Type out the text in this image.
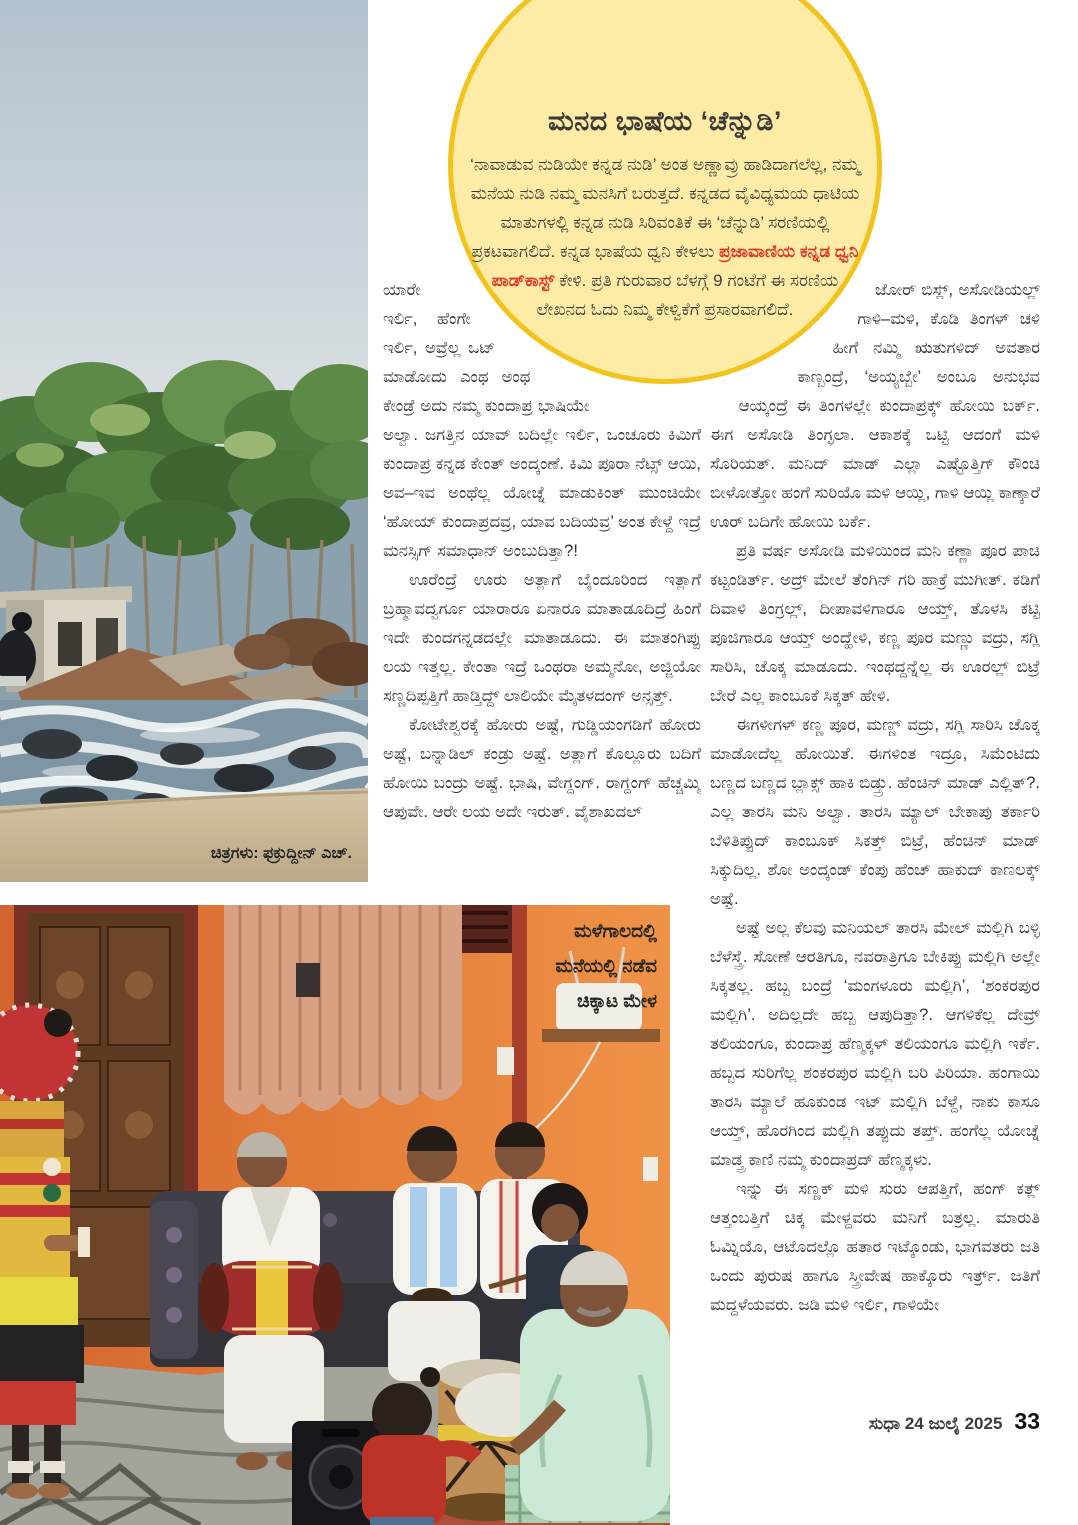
ಚಿತ್ರಗಳು: ಫಕ್ರುದ್ದೀನ್ ಎಚ್.
ಮನದ ಭಾಷೆಯ ‘ಚೆನ್ನುಡಿ’

‘ನಾವಾಡುವ ನುಡಿಯೇ ಕನ್ನಡ ನುಡಿ’ ಅಂತ ಅಣ್ಣಾವ್ರು ಹಾಡಿದಾಗಲೆಲ್ಲ, ನಮ್ಮ ಮನೆಯ ನುಡಿ ನಮ್ಮ ಮನಸಿಗೆ ಬರುತ್ತದೆ. ಕನ್ನಡದ ವೈವಿಧ್ಯಮಯ ಧಾಟಿಯ ಮಾತುಗಳಲ್ಲಿ ಕನ್ನಡ ನುಡಿ ಸಿರಿವಂತಿಕೆ ಈ ‘ಚೆನ್ನುಡಿ’ ಸರಣಿಯಲ್ಲಿ ಪ್ರಕಟವಾಗಲಿದೆ. ಕನ್ನಡ ಭಾಷೆಯ ಧ್ವನಿ ಕೇಳಲು ಪ್ರಜಾವಾಣಿಯ ಕನ್ನಡ ಧ್ವನಿ ಪಾಡ್‌ಕಾಸ್ಟ್ ಕೇಳಿ. ಪ್ರತಿ ಗುರುವಾರ ಬೆಳಗ್ಗೆ 9 ಗಂಟೆಗೆ ಈ ಸರಣಿಯ ಲೇಖನದ ಓದು ನಿಮ್ಮ ಕೇಳ್ವಿಕೆಗೆ ಪ್ರಸಾರವಾಗಲಿದೆ.

ಯಾರೇ ಇರ್ಲಿ, ಹೆಂಗೇ ಇರ್ಲಿ, ಅವ್ರೆಲ್ಲ ಒಟ್ ಮಾಡೋದು ಎಂಥ ಅಂಥ ಕೇಂಡ್ರೆ ಅದು ನಮ್ಮ ಕುಂದಾಪ್ರ ಭಾಷಿಯೇ ಅಲ್ವಾ. ಜಗತ್ತಿನ ಯಾವ್ ಬದಿಲ್ಲೇ ಇರ್ಲಿ, ಒಂಚೂರು ಕಿಮಿಗೆ ಕುಂದಾಪ್ರ ಕನ್ನಡ ಕೇಂತ್ ಅಂದ್ಕಂಣೆ. ಕಿಮಿ ಪೂರಾ ನೆಟ್ಸ್ ಆಯಿ, ಅವ–ಇವ ಅಂಥೆಲ್ಲ ಯೋಚ್ನೆ ಮಾಡುಕಿಂತ್ ಮುಂಚಿಯೇ ‘ಹೋಯ್ ಕುಂದಾಪ್ರದವ್ರ, ಯಾವ ಬದಿಯವ್ರ’ ಅಂತ ಕೇಳ್ದೆ ಇದ್ರೆ ಮನಸ್ಸಿಗ್ ಸಮಾಧಾನ್ ಅಂಬುದಿತ್ತಾ?!

ಊರೆಂದ್ರೆ ಊರು ಅತ್ಲಾಗೆ ಬೈಂದೂರಿಂದ ಇತ್ಲಾಗೆ ಬ್ರಹ್ಮಾವದ್ವರ್ಗೂ ಯಾರಾರೂ ಏನಾರೂ ಮಾತಾಡೂದಿದ್ರೆ ಹಿಂಗೆ ಇದೇ ಕುಂದಗನ್ನಡದಲ್ಲೇ ಮಾತಾಡೂದು. ಈ ಮಾತಂಗಿಪ್ಪು ಲಯ ಇತ್ತಲ್ಲ. ಕೇಂತಾ ಇದ್ರೆ ಒಂಥರಾ ಅಮ್ಮನೋ, ಅಜ್ಜಿಯೋ ಸಣ್ಣದಿಪ್ಪತ್ತಿಗೆ ಹಾಡ್ತಿದ್ದ್ ಲಾಲಿಯೇ ಮೈತಳದಂಗ್ ಅನ್ಸತ್ತ್.

ಕೋಟೇಶ್ವರಕ್ಕೆ ಹೋರು ಅಷ್ಟೆ, ಗುಡ್ಡಿಯಂಗಡಿಗೆ ಹೋರು ಅಷ್ಟೆ, ಬನ್ನಾಡಿಲ್ ಕಂಡ್ರು ಅಷ್ಟೆ. ಅತ್ಲಾಗೆ ಕೊಲ್ಲೂರು ಬದಿಗೆ ಹೋಯಿ ಬಂದ್ರು ಅಷ್ಟೆ. ಭಾಷಿ, ವೇಗ್ದಂಗ್. ರಾಗ್ದಂಗ್ ಹೆಚ್ಚಮ್ಮಿ ಆಪುವೇ. ಆರೇ ಲಯ ಅದೇ ಇರುತ್. ವೈಶಾಖದಲ್

ಜೋರ್ ಬಿಸ್ಲ್, ಅಸೋಡಿಯಲ್ಲ್ ಗಾಳಿ–ಮಳಿ, ಕೊಡಿ ತಿಂಗಳ್ ಚಳಿ ಹೀಗೆ ನಮ್ಮಿ ಋತುಗಳಿದ್ ಅವತಾರ ಕಾಣ್ಬಂದ್ರೆ, ‘ಅಯ್ಯಬ್ಬೇ’ ಅಂಬೂ ಅನುಭವ ಆಯ್ಕಂದ್ರೆ ಈ ತಿಂಗಳಲ್ಲೇ ಕುಂದಾಪ್ರಕ್ಕ್ ಹೋಯಿ ಬರ್ಕ್. ಈಗ ಅಸೋಡಿ ತಿಂಗ್ಳಲಾ. ಆಕಾಶಕ್ಕೆ ಒಟ್ಟಿ ಆದಂಗೆ ಮಳಿ ಸೊರಿಯತ್. ಮನಿದ್ ಮಾಡ್ ಎಲ್ಲಾ ಎಷ್ಟೊತ್ತಿಗ್ ಕೌಂಚಿ ಬೀಳೋತ್ತೋ ಹಂಗೆ ಸುರಿಯೊ ಮಳಿ ಆಯ್ಲಿ, ಗಾಳಿ ಆಯ್ಲಿ ಕಾಣ್ಕಾರೆ ಊರ್ ಬದಿಗೇ ಹೋಯಿ ಬರ್ಕೆ.

ಪ್ರತಿ ವರ್ಷ ಅಸೋಡಿ ಮಳಿಯಿಂದ ಮನಿ ಕಣ್ಣಾ ಪೂರ ಪಾಚಿ ಕಟ್ಟಂಡಿರ್ತ್. ಅದ್ರ್ ಮೇಲೆ ತೆಂಗಿನ್ ಗರಿ ಹಾಕ್ರೆ ಮುಗೀತ್. ಕಡಿಗೆ ದಿವಾಳಿ ತಿಂಗ್ರಲ್ಲ್, ದೀಪಾವಳಿಗಾರೂ ಆಯ್ತ್, ತೊಳಸಿ ಕಟ್ಟಿ ಪೂಜಿಗಾರೂ ಆಯ್ತ್ ಅಂದ್ಹೇಳಿ, ಕಣ್ಣ ಪೂರ ಮಣ್ಣು ವದ್ರು, ಸಗ್ಲಿ ಸಾರಿಸಿ, ಚೊಕ್ಕ ಮಾಡೂದು. ಇಂಥದ್ದನ್ನೆಲ್ಲ ಈ ಊರಲ್ಲ್ ಬಿಟ್ರೆ ಬೇರೆ ಎಲ್ಲ ಕಾಂಬೂಕೆ ಸಿಕ್ಕತ್ ಹೇಳಿ.

ಈಗಳೀಗಳ್ ಕಣ್ಣ ಪೂರ, ಮಣ್ಣ್ ವದ್ರು, ಸಗ್ಲಿ ಸಾರಿಸಿ ಚೊಕ್ಕ ಮಾಡೋದೆಲ್ಲ ಹೋಯಿತೆ. ಈಗಳಿಂತ ಇದ್ರೂ, ಸಿಮೆಂಟಿದು ಬಣ್ಣದ ಬಣ್ಣದ ಬ್ಲಾಕ್ಸ್ ಹಾಕಿ ಬಿಡ್ತ್ರು. ಹೆಂಚಿನ್ ಮಾಡ್ ಎಲ್ಲಿತ್?. ಎಲ್ಲ ತಾರಸಿ ಮನಿ ಅಲ್ವಾ. ತಾರಸಿ ಮ್ಯಾಲ್ ಬೇಕಾಪು ತರ್ಕಾರಿ ಬೆಳಿತಿಪ್ಪುದ್ ಕಾಂಬೂಕ್ ಸಿಕತ್ತ್ ಬಿಟ್ರೆ, ಹೆಂಚಿನ್ ಮಾಡ್ ಸಿಕ್ಕುದಿಲ್ಲ. ಶೋ ಅಂದ್ಕಂಡ್ ಕೆಂಪು ಹೆಂಚ್ ಹಾಕುದ್ ಕಾಣಲಕ್ಕ್ ಅಷ್ಟೆ.

ಅಷ್ಟೆ ಅಲ್ಲ ಕೆಲವು ಮನಿಯಲ್ ತಾರಸಿ ಮೇಲ್ ಮಲ್ಲಿಗಿ ಬಳ್ಳಿ ಬೆಳೆಸ್ತ್ರೆ. ಸೋಣೆ ಆರತಿಗೂ, ನವರಾತ್ರಿಗೂ ಬೇಕಿಪ್ಪು ಮಲ್ಲಿಗಿ ಅಲ್ಲೇ ಸಿಕ್ಕತಲ್ಲ. ಹಬ್ಬ ಬಂದ್ರೆ ‘ಮಂಗಳೂರು ಮಲ್ಲಿಗಿ’, ‘ಶಂಕರಪುರ ಮಲ್ಲಿಗಿ’. ಅದಿಲ್ಲದೇ ಹಬ್ಬ ಆಪುದಿತ್ತಾ?. ಆಗಳಿಕೆಲ್ಲ ದೇವ್ರ್ ತಲಿಯಂಗೂ, ಕುಂದಾಪ್ರ ಹೆಣ್ಮಕ್ಕಳ್ ತಲಿಯಂಗೂ ಮಲ್ಲಿಗಿ ಇರ್ಕೆ. ಹಬ್ಬದ ಸುರಿಗೆಲ್ಲ ಶಂಕರಪುರ ಮಲ್ಲಿಗಿ ಬರಿ ಪಿರಿಯಾ. ಹಂಗಾಯಿ ತಾರಸಿ ಮ್ಯಾಲೆ ಹೂಕುಂಡ ಇಟ್ ಮಲ್ಲಿಗಿ ಬೆಳ್ದೆ, ನಾಕು ಕಾಸೂ ಆಯ್ತ್, ಹೊರಗಿಂದ ಮಲ್ಲಿಗಿ ತಪ್ಪುದು ತಪ್ತ್. ಹಂಗೆಲ್ಲ ಯೋಚ್ನೆ ಮಾಡ್ತ್ರ ಕಾಣಿ ನಮ್ಮ ಕುಂದಾಪ್ರದ್ ಹೆಣ್ಮಕ್ಕಳು.

ಇನ್ನು ಈ ಸಣ್ಣಕ್ ಮಳಿ ಸುರು ಆಪತ್ತಿಗೆ, ಹಂಗ್ ಕತ್ಲ್ ಆತ್ತಂಬತ್ತಿಗೆ ಚಿಕ್ಕ ಮೇಳ್ದವರು ಮನಿಗೆ ಬತ್ರಲ್ಲ. ಮಾರುತಿ ಓಮ್ನಿಯೊ, ಆಟೊದಲ್ಲೊ ಹತಾರ ಇಟ್ಕೊಂಡು, ಭಾಗವತರು ಜತಿ ಒಂದು ಪುರುಷ ಹಾಗೂ ಸ್ತ್ರೀವೇಷ ಹಾಕ್ಕೊರು ಇರ್ತ್ರ್. ಜತಿಗೆ ಮದ್ದಳೆಯವರು. ಜಡಿ ಮಳಿ ಇರ್ಲಿ, ಗಾಳಿಯೇ

ಮಳೆಗಾಲದಲ್ಲಿ
ಮನೆಯಲ್ಲಿ ನಡೆವ
ಚಿಕ್ಕಾಟ ಮೇಳ
ಸುಧಾ 24 ಜುಲೈ 2025 33
